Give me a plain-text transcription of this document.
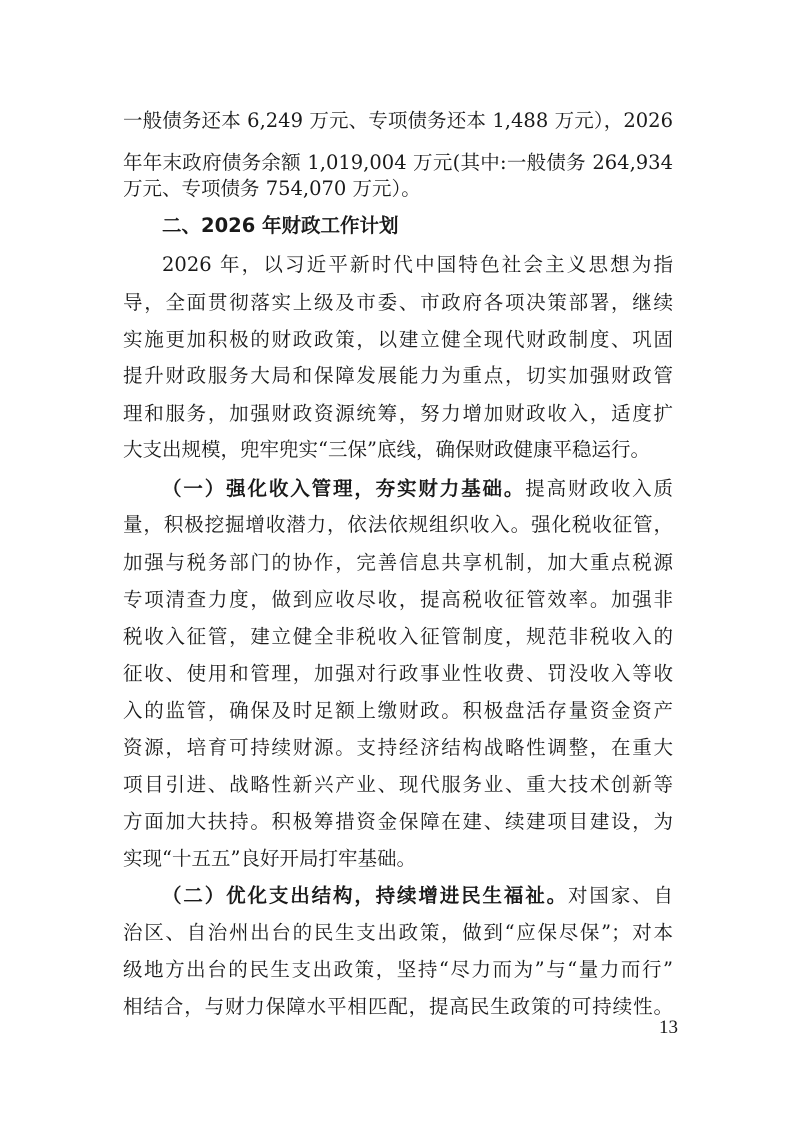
一般债务还本 6,249 万元、专项债务还本 1,488 万元），2026
年年末政府债务余额 1,019,004 万元(其中:一般债务 264,934
万元、专项债务 754,070 万元）。
二、2026 年财政工作计划
2026 年，以习近平新时代中国特色社会主义思想为指
导，全面贯彻落实上级及市委、市政府各项决策部署，继续
实施更加积极的财政政策，以建立健全现代财政制度、巩固
提升财政服务大局和保障发展能力为重点，切实加强财政管
理和服务，加强财政资源统筹，努力增加财政收入，适度扩
大支出规模，兜牢兜实“三保”底线，确保财政健康平稳运行。
（一）强化收入管理，夯实财力基础。提高财政收入质
量，积极挖掘增收潜力，依法依规组织收入。强化税收征管，
加强与税务部门的协作，完善信息共享机制，加大重点税源
专项清查力度，做到应收尽收，提高税收征管效率。加强非
税收入征管，建立健全非税收入征管制度，规范非税收入的
征收、使用和管理，加强对行政事业性收费、罚没收入等收
入的监管，确保及时足额上缴财政。积极盘活存量资金资产
资源，培育可持续财源。支持经济结构战略性调整，在重大
项目引进、战略性新兴产业、现代服务业、重大技术创新等
方面加大扶持。积极筹措资金保障在建、续建项目建设，为
实现“十五五”良好开局打牢基础。
（二）优化支出结构，持续增进民生福祉。对国家、自
治区、自治州出台的民生支出政策，做到“应保尽保”；对本
级地方出台的民生支出政策，坚持“尽力而为”与“量力而行”
相结合，与财力保障水平相匹配，提高民生政策的可持续性。
13
